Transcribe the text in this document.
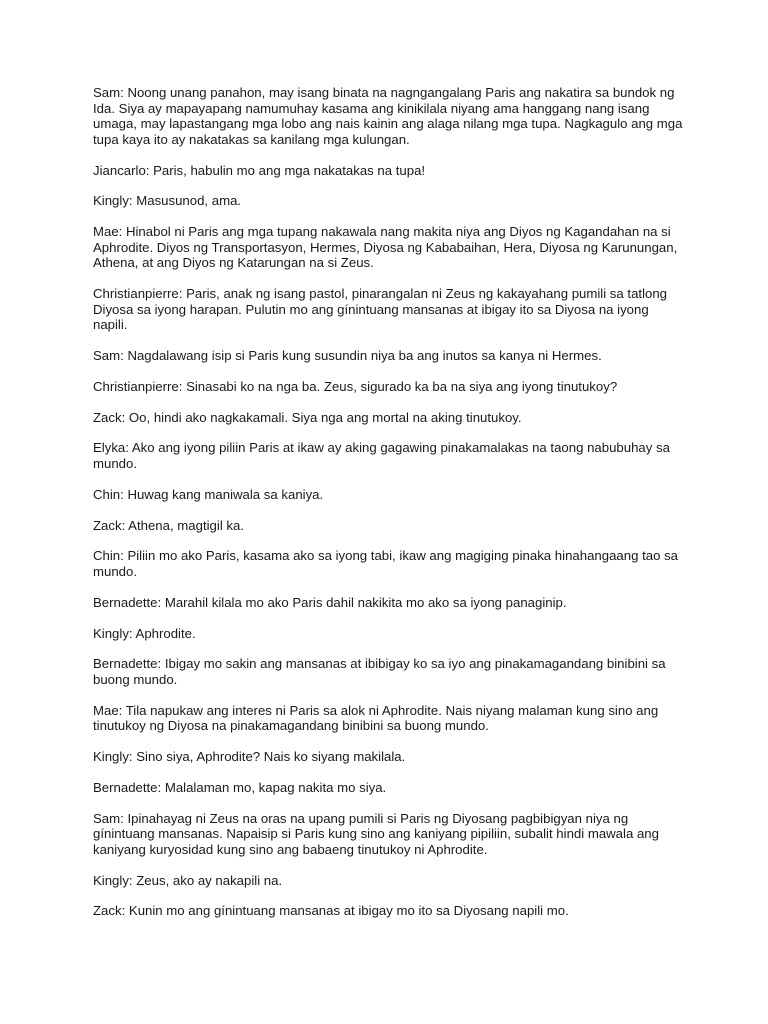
Sam: Noong unang panahon, may isang binata na nagngangalang Paris ang nakatira sa bundok ng Ida. Siya ay mapayapang namumuhay kasama ang kinikilala niyang ama hanggang nang isang umaga, may lapastangang mga lobo ang nais kainin ang alaga nilang mga tupa. Nagkagulo ang mga tupa kaya ito ay nakatakas sa kanilang mga kulungan.

Jiancarlo: Paris, habulin mo ang mga nakatakas na tupa!

Kingly: Masusunod, ama.

Mae: Hinabol ni Paris ang mga tupang nakawala nang makita niya ang Diyos ng Kagandahan na si Aphrodite. Diyos ng Transportasyon, Hermes, Diyosa ng Kababaihan, Hera, Diyosa ng Karunungan, Athena, at ang Diyos ng Katarungan na si Zeus.

Christianpierre: Paris, anak ng isang pastol, pinarangalan ni Zeus ng kakayahang pumili sa tatlong Diyosa sa iyong harapan. Pulutin mo ang gínintuang mansanas at ibigay ito sa Diyosa na iyong napili.

Sam: Nagdalawang isip si Paris kung susundin niya ba ang inutos sa kanya ni Hermes.

Christianpierre: Sinasabi ko na nga ba. Zeus, sigurado ka ba na siya ang iyong tinutukoy?

Zack: Oo, hindi ako nagkakamali. Siya nga ang mortal na aking tinutukoy.

Elyka: Ako ang iyong piliin Paris at ikaw ay aking gagawing pinakamalakas na taong nabubuhay sa mundo.

Chin: Huwag kang maniwala sa kaniya.

Zack: Athena, magtigil ka.

Chin: Piliin mo ako Paris, kasama ako sa iyong tabi, ikaw ang magiging pinaka hinahangaang tao sa mundo.

Bernadette: Marahil kilala mo ako Paris dahil nakikita mo ako sa iyong panaginip.

Kingly: Aphrodite.

Bernadette: Ibigay mo sakin ang mansanas at ibibigay ko sa iyo ang pinakamagandang binibini sa buong mundo.

Mae: Tila napukaw ang interes ni Paris sa alok ni Aphrodite. Nais niyang malaman kung sino ang tinutukoy ng Diyosa na pinakamagandang binibini sa buong mundo.

Kingly: Sino siya, Aphrodite? Nais ko siyang makilala.

Bernadette: Malalaman mo, kapag nakita mo siya.

Sam: Ipinahayag ni Zeus na oras na upang pumili si Paris ng Diyosang pagbibigyan niya ng gínintuang mansanas. Napaisip si Paris kung sino ang kaniyang pipiliin, subalit hindi mawala ang kaniyang kuryosidad kung sino ang babaeng tinutukoy ni Aphrodite.

Kingly: Zeus, ako ay nakapili na.

Zack: Kunin mo ang gínintuang mansanas at ibigay mo ito sa Diyosang napili mo.
